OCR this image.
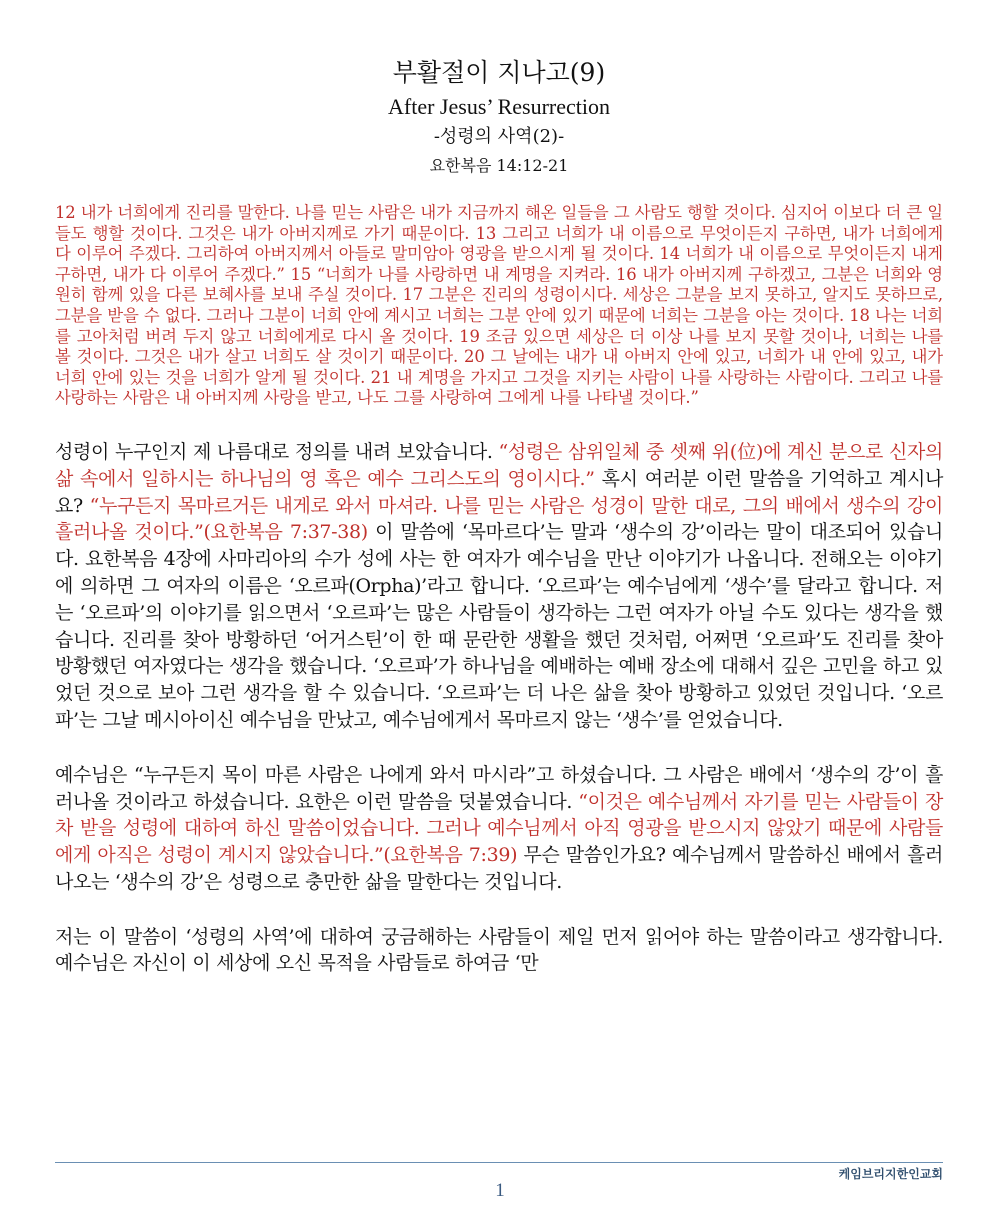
부활절이 지나고(9)
After Jesus’ Resurrection
-성령의 사역(2)-
요한복음 14:12-21
12 내가 너희에게 진리를 말한다. 나를 믿는 사람은 내가 지금까지 해온 일들을 그 사람도 행할 것이다. 심지어 이보다 더 큰 일들도 행할 것이다. 그것은 내가 아버지께로 가기 때문이다. 13 그리고 너희가 내 이름으로 무엇이든지 구하면, 내가 너희에게 다 이루어 주겠다. 그리하여 아버지께서 아들로 말미암아 영광을 받으시게 될 것이다. 14 너희가 내 이름으로 무엇이든지 내게 구하면, 내가 다 이루어 주겠다.” 15 “너희가 나를 사랑하면 내 계명을 지켜라. 16 내가 아버지께 구하겠고, 그분은 너희와 영원히 함께 있을 다른 보혜사를 보내 주실 것이다. 17 그분은 진리의 성령이시다. 세상은 그분을 보지 못하고, 알지도 못하므로, 그분을 받을 수 없다. 그러나 그분이 너희 안에 계시고 너희는 그분 안에 있기 때문에 너희는 그분을 아는 것이다. 18 나는 너희를 고아처럼 버려 두지 않고 너희에게로 다시 올 것이다. 19 조금 있으면 세상은 더 이상 나를 보지 못할 것이나, 너희는 나를 볼 것이다. 그것은 내가 살고 너희도 살 것이기 때문이다. 20 그 날에는 내가 내 아버지 안에 있고, 너희가 내 안에 있고, 내가 너희 안에 있는 것을 너희가 알게 될 것이다. 21 내 계명을 가지고 그것을 지키는 사람이 나를 사랑하는 사람이다. 그리고 나를 사랑하는 사람은 내 아버지께 사랑을 받고, 나도 그를 사랑하여 그에게 나를 나타낼 것이다.”
성령이 누구인지 제 나름대로 정의를 내려 보았습니다. “성령은 삼위일체 중 셋째 위(位)에 계신 분으로 신자의 삶 속에서 일하시는 하나님의 영 혹은 예수 그리스도의 영이시다.” 혹시 여러분 이런 말씀을 기억하고 계시나요? “누구든지 목마르거든 내게로 와서 마셔라. 나를 믿는 사람은 성경이 말한 대로, 그의 배에서 생수의 강이 흘러나올 것이다.”(요한복음 7:37-38) 이 말씀에 ‘목마르다’는 말과 ‘생수의 강’이라는 말이 대조되어 있습니다. 요한복음 4장에 사마리아의 수가 성에 사는 한 여자가 예수님을 만난 이야기가 나옵니다. 전해오는 이야기에 의하면 그 여자의 이름은 ‘오르파(Orpha)’라고 합니다. ‘오르파’는 예수님에게 ‘생수’를 달라고 합니다. 저는 ‘오르파’의 이야기를 읽으면서 ‘오르파’는 많은 사람들이 생각하는 그런 여자가 아닐 수도 있다는 생각을 했습니다. 진리를 찾아 방황하던 ‘어거스틴’이 한 때 문란한 생활을 했던 것처럼, 어쩌면 ‘오르파’도 진리를 찾아 방황했던 여자였다는 생각을 했습니다. ‘오르파’가 하나님을 예배하는 예배 장소에 대해서 깊은 고민을 하고 있었던 것으로 보아 그런 생각을 할 수 있습니다. ‘오르파’는 더 나은 삶을 찾아 방황하고 있었던 것입니다. ‘오르파’는 그날 메시아이신 예수님을 만났고, 예수님에게서 목마르지 않는 ‘생수’를 얻었습니다.
예수님은 “누구든지 목이 마른 사람은 나에게 와서 마시라”고 하셨습니다. 그 사람은 배에서 ‘생수의 강’이 흘러나올 것이라고 하셨습니다. 요한은 이런 말씀을 덧붙였습니다. “이것은 예수님께서 자기를 믿는 사람들이 장차 받을 성령에 대하여 하신 말씀이었습니다. 그러나 예수님께서 아직 영광을 받으시지 않았기 때문에 사람들에게 아직은 성령이 계시지 않았습니다.”(요한복음 7:39) 무슨 말씀인가요? 예수님께서 말씀하신 배에서 흘러나오는 ‘생수의 강’은 성령으로 충만한 삶을 말한다는 것입니다.
저는 이 말씀이 ‘성령의 사역’에 대하여 궁금해하는 사람들이 제일 먼저 읽어야 하는 말씀이라고 생각합니다. 예수님은 자신이 이 세상에 오신 목적을 사람들로 하여금 ‘만
케임브리지한인교회
1
